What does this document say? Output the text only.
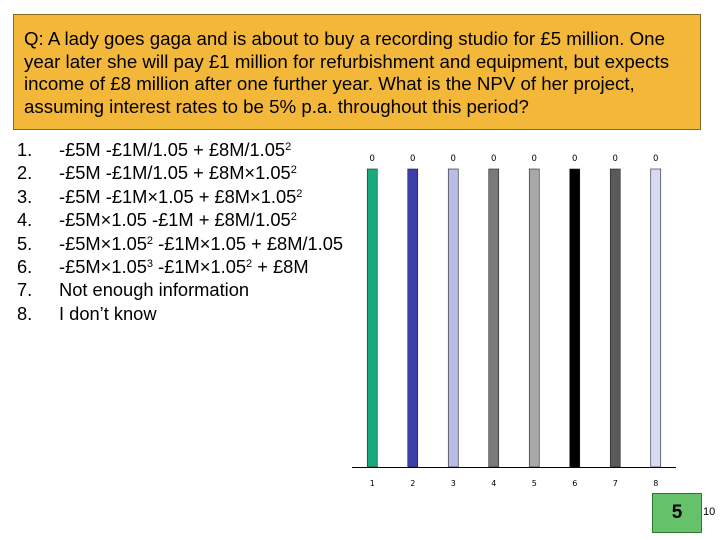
Q: A lady goes gaga and is about to buy a recording studio for £5 million. One year later she will pay £1 million for refurbishment and equipment, but expects income of £8 million after one further year. What is the NPV of her project, assuming interest rates to be 5% p.a. throughout this period?
1.	-£5M -£1M/1.05 + $£8M/1.05^2$
2.	-£5M -£1M/1.05 + $£8M\times 1.05^2$
3.	-£5M -£1M×1.05 + $£8M\times 1.05^2$
4.	-£5M×1.05 -£1M + $£8M/1.05^2$
5.	$-£5M\times 1.05^2$ -£1M×1.05 + £8M/1.05
6.	$-£5M\times 1.05^3$ $-£1M\times 1.05^2$ + £8M
7.	Not enough information
8.	I don’t know
0
1
0
2
0
3
0
4
0
5
0
6
0
7
0
8
5 10
